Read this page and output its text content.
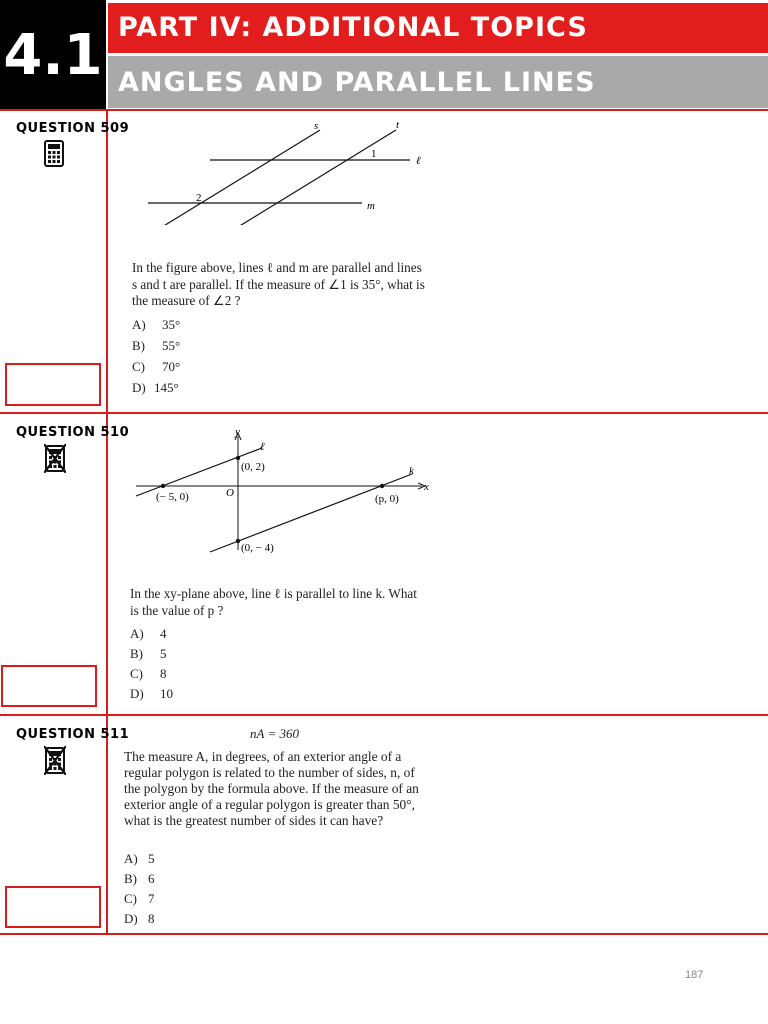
4.1 PART IV: ADDITIONAL TOPICS
ANGLES AND PARALLEL LINES
QUESTION 509	s	t
ℓ
m
1
2
In the figure above, lines ℓ and m are parallel and lines s and t are parallel. If the measure of ∠1 is 35°, what is the measure of ∠2 ?
A) 35°
B) 55°
C) 70°
D) 145°
QUESTION 510	y
x
ℓ
k
O
(0, 2)
(− 5, 0)	(p, 0)
(0, − 4)
In the xy-plane above, line ℓ is parallel to line k. What is the value of p ?
A) 4
B) 5
C) 8
D) 10
QUESTION 511	nA = 360
The measure A, in degrees, of an exterior angle of a regular polygon is related to the number of sides, n, of the polygon by the formula above. If the measure of an exterior angle of a regular polygon is greater than 50°, what is the greatest number of sides it can have?
A) 5
B) 6
C) 7
D) 8
187
